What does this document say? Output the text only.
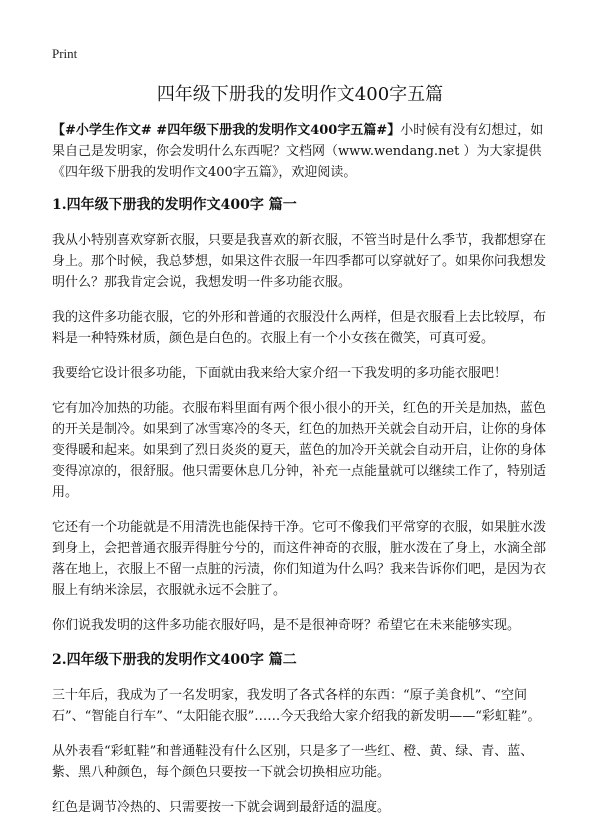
Print
四年级下册我的发明作文400字五篇

【#小学生作文# #四年级下册我的发明作文400字五篇#】小时候有没有幻想过，如果自己是发明家，你会发明什么东西呢？文档网（www.wendang.net ）为大家提供《四年级下册我的发明作文400字五篇》，欢迎阅读。

1.四年级下册我的发明作文400字 篇一

我从小特别喜欢穿新衣服，只要是我喜欢的新衣服，不管当时是什么季节，我都想穿在身上。那个时候，我总梦想，如果这件衣服一年四季都可以穿就好了。如果你问我想发明什么？那我肯定会说，我想发明一件多功能衣服。

我的这件多功能衣服，它的外形和普通的衣服没什么两样，但是衣服看上去比较厚，布料是一种特殊材质，颜色是白色的。衣服上有一个小女孩在微笑，可真可爱。

我要给它设计很多功能，下面就由我来给大家介绍一下我发明的多功能衣服吧！

它有加冷加热的功能。衣服布料里面有两个很小很小的开关，红色的开关是加热，蓝色的开关是制冷。如果到了冰雪寒冷的冬天，红色的加热开关就会自动开启，让你的身体变得暖和起来。如果到了烈日炎炎的夏天，蓝色的加冷开关就会自动开启，让你的身体变得凉凉的，很舒服。他只需要休息几分钟，补充一点能量就可以继续工作了，特别适用。

它还有一个功能就是不用清洗也能保持干净。它可不像我们平常穿的衣服，如果脏水泼到身上，会把普通衣服弄得脏兮兮的，而这件神奇的衣服，脏水泼在了身上，水滴全部落在地上，衣服上不留一点脏的污渍，你们知道为什么吗？我来告诉你们吧，是因为衣服上有纳米涂层，衣服就永远不会脏了。

你们说我发明的这件多功能衣服好吗，是不是很神奇呀？希望它在未来能够实现。

2.四年级下册我的发明作文400字 篇二

三十年后，我成为了一名发明家，我发明了各式各样的东西：“原子美食机”、“空间石”、“智能自行车”、“太阳能衣服”……今天我给大家介绍我的新发明——“彩虹鞋”。

从外表看“彩虹鞋”和普通鞋没有什么区别，只是多了一些红、橙、黄、绿、青、蓝、紫、黑八种颜色，每个颜色只要按一下就会切换相应功能。

红色是调节冷热的、只需要按一下就会调到最舒适的温度。
